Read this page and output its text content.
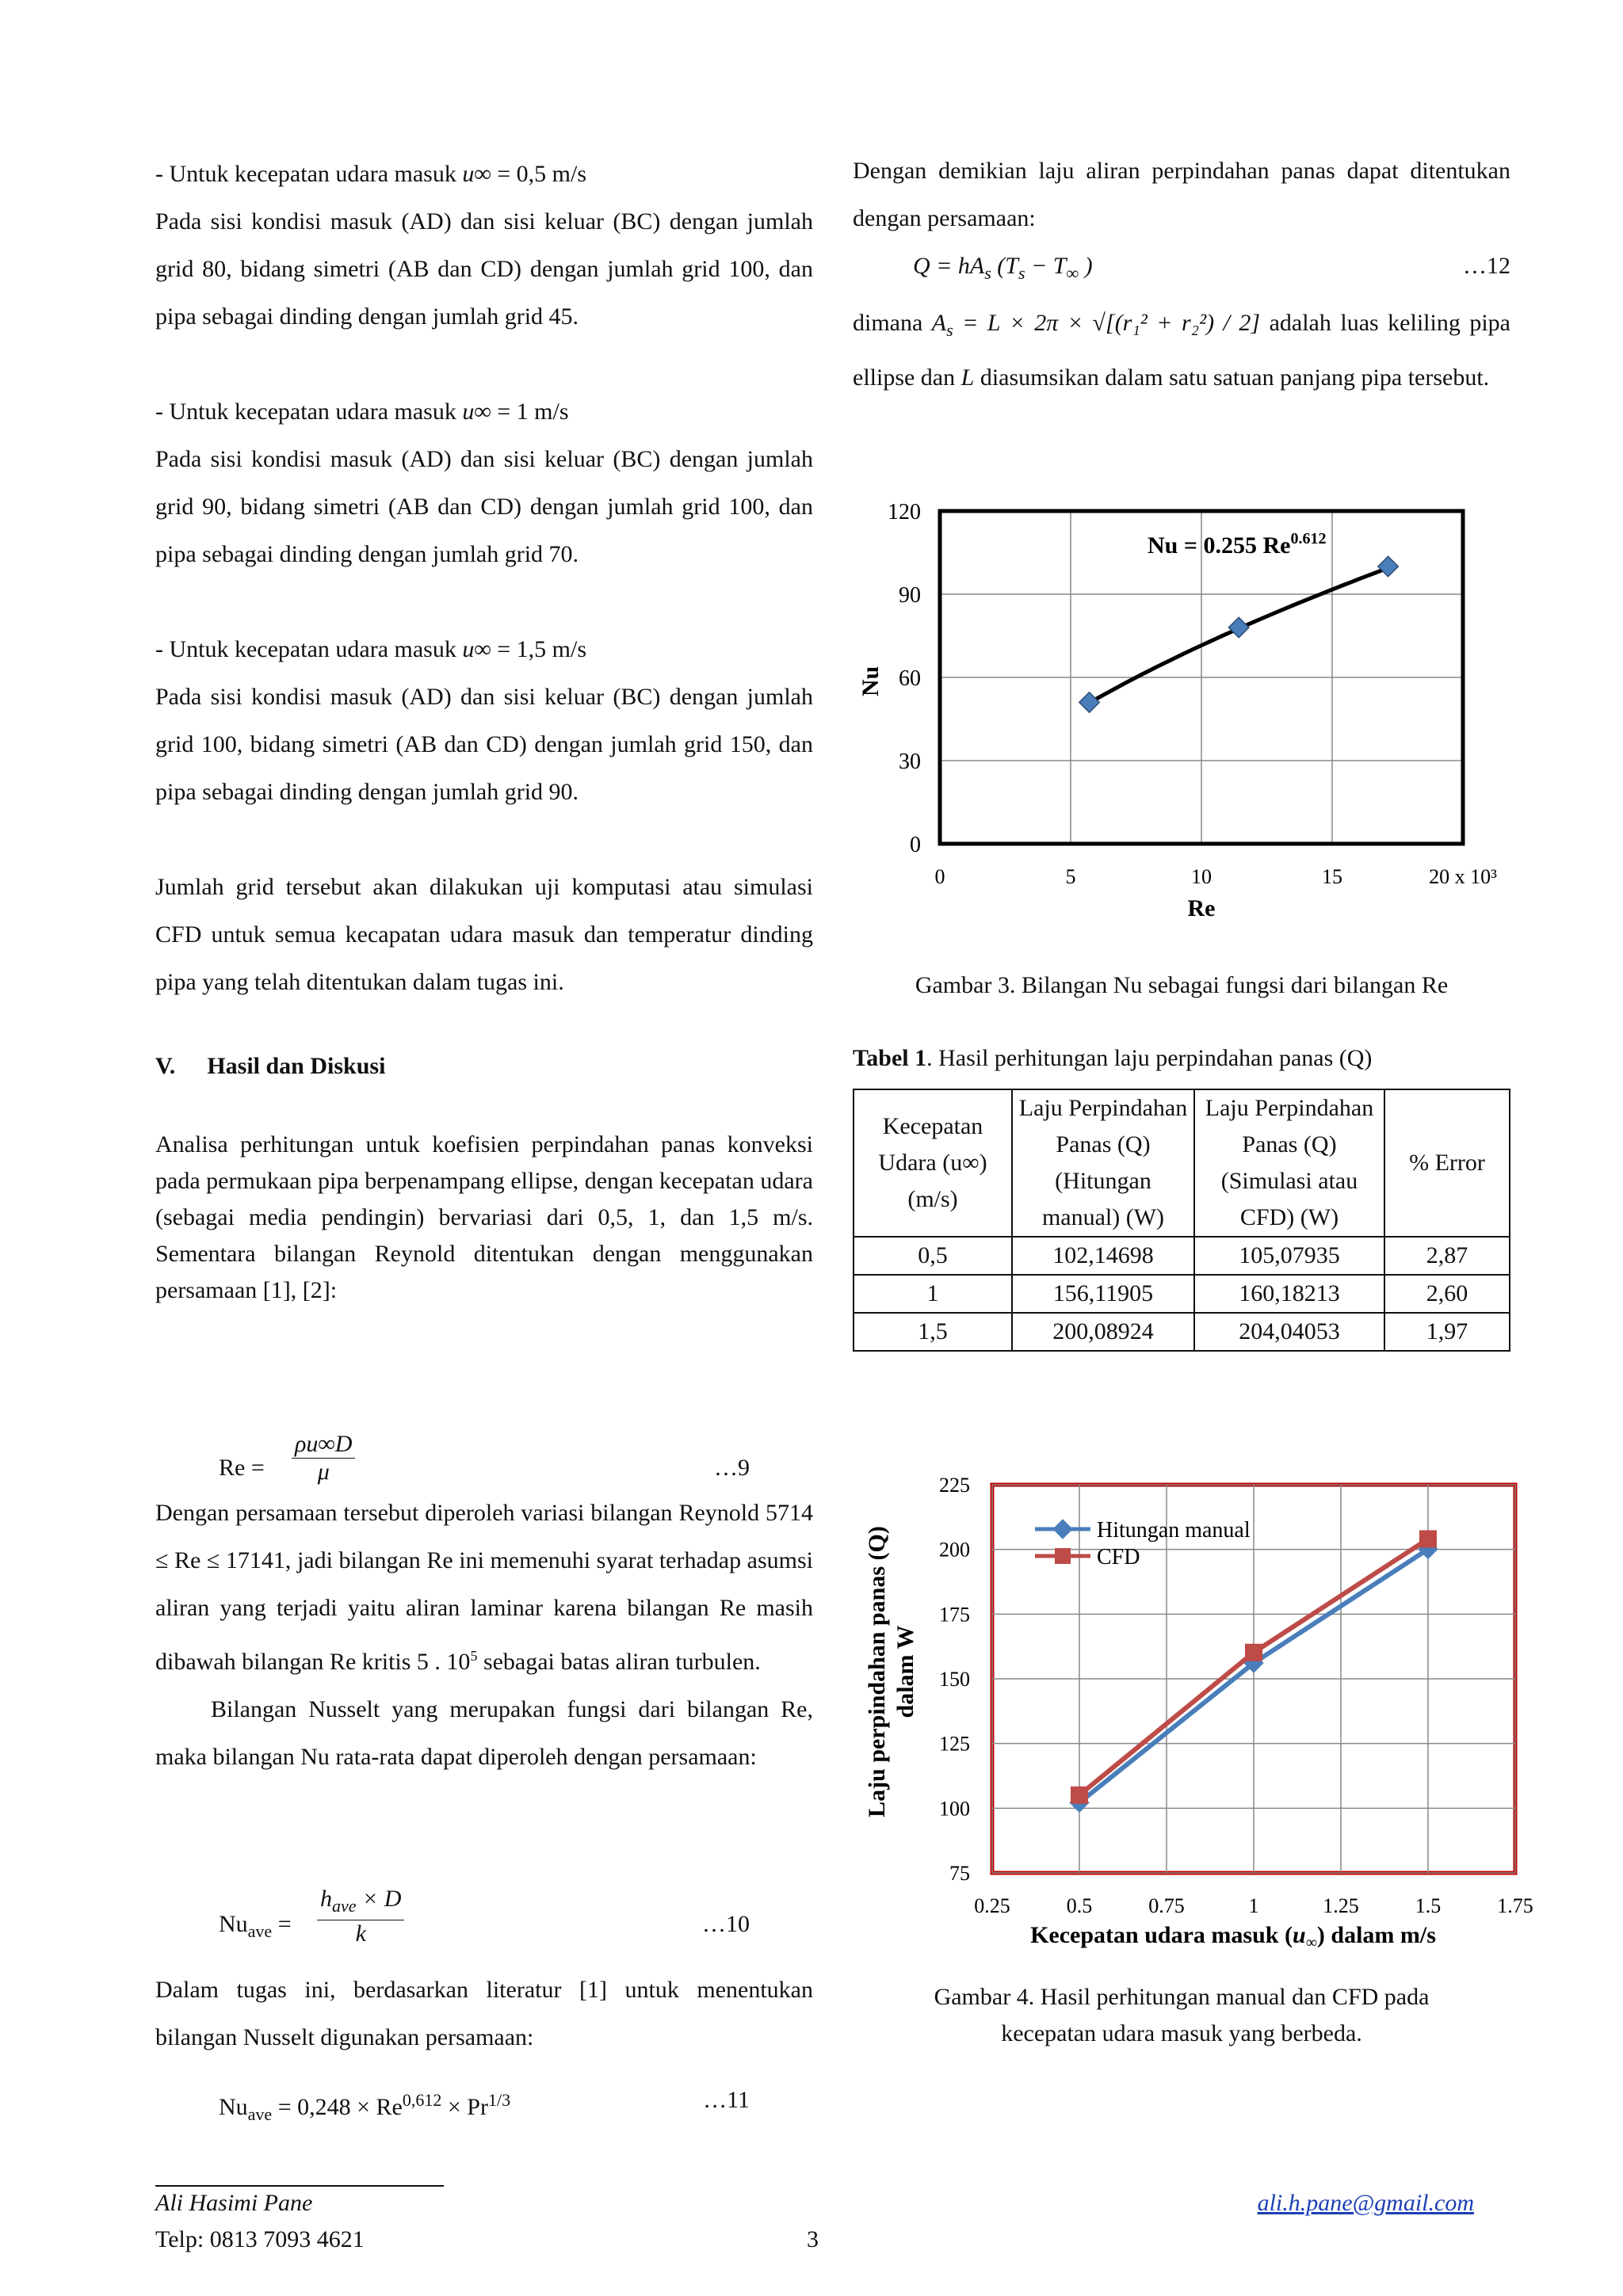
- Untuk kecepatan udara masuk u∞ = 0,5 m/s

Pada sisi kondisi masuk (AD) dan sisi keluar (BC) dengan jumlah grid 80, bidang simetri (AB dan CD) dengan jumlah grid 100, dan pipa sebagai dinding dengan jumlah grid 45.

- Untuk kecepatan udara masuk u∞ = 1 m/s

Pada sisi kondisi masuk (AD) dan sisi keluar (BC) dengan jumlah grid 90, bidang simetri (AB dan CD) dengan jumlah grid 100, dan pipa sebagai dinding dengan jumlah grid 70.

- Untuk kecepatan udara masuk u∞ = 1,5 m/s

Pada sisi kondisi masuk (AD) dan sisi keluar (BC) dengan jumlah grid 100, bidang simetri (AB dan CD) dengan jumlah grid 150, dan pipa sebagai dinding dengan jumlah grid 90.

Jumlah grid tersebut akan dilakukan uji komputasi atau simulasi CFD untuk semua kecapatan udara masuk dan temperatur dinding pipa yang telah ditentukan dalam tugas ini.

V. Hasil dan Diskusi

Analisa perhitungan untuk koefisien perpindahan panas konveksi pada permukaan pipa berpenampang ellipse, dengan kecepatan udara (sebagai media pendingin) bervariasi dari 0,5, 1, dan 1,5 m/s. Sementara bilangan Reynold ditentukan dengan menggunakan persamaan [1], [2]:

$Re = \frac{\rho u\infty D}{\mu}$	…9

Dengan persamaan tersebut diperoleh variasi bilangan Reynold 5714 ≤ Re ≤ 17141, jadi bilangan Re ini memenuhi syarat terhadap asumsi aliran yang terjadi yaitu aliran laminar karena bilangan Re masih dibawah bilangan Re kritis 5 . $10^5$ sebagai batas aliran turbulen.

Bilangan Nusselt yang merupakan fungsi dari bilangan Re, maka bilangan Nu rata-rata dapat diperoleh dengan persamaan:

$Nu_{ave}$ =
$h_{ave} \times D$
k	…10

Dalam tugas ini, berdasarkan literatur [1] untuk menentukan bilangan Nusselt digunakan persamaan:

$Nu_{ave} = 0,248 \times Re^{0,612} \times Pr^{1/3}$	…11

Dengan demikian laju aliran perpindahan panas dapat ditentukan dengan persamaan:

$Q = hA_s$ ($T_s - T_\infty$ )	…12

dimana $A_s = L \times 2\pi \times √[(r_1^2 + r_2^2) / 2]$ adalah luas keliling pipa ellipse dan L diasumsikan dalam satu satuan panjang pipa tersebut.

0
30
60
90
120
0	5	10	15	20 x 10³
Nu = 0.255 $Re^{0.612}$
Re
Nu
Gambar 3. Bilangan Nu sebagai fungsi dari bilangan Re
Tabel 1. Hasil perhitungan laju perpindahan panas (Q)
Kecepatan Udara (u∞) (m/s)	Laju Perpindahan Panas (Q) (Hitungan manual) (W)	Laju Perpindahan Panas (Q) (Simulasi atau CFD) (W)	% Error
0,5	102,14698	105,07935	2,87
1	156,11905	160,18213	2,60
1,5	200,08924	204,04053	1,97
75
100
125
150
175
200
225
0.25	0.5	0.75	1	1.25	1.5	1.75
Hitungan manual
CFD
Kecepatan udara masuk $(u_\infty)$ dalam m/s
Laju perpindahan panas (Q) dalam W
Gambar 4. Hasil perhitungan manual dan CFD pada
kecepatan udara masuk yang berbeda.
Ali Hasimi Pane
Telp: 0813 7093 4621	3
ali.h.pane@gmail.com
